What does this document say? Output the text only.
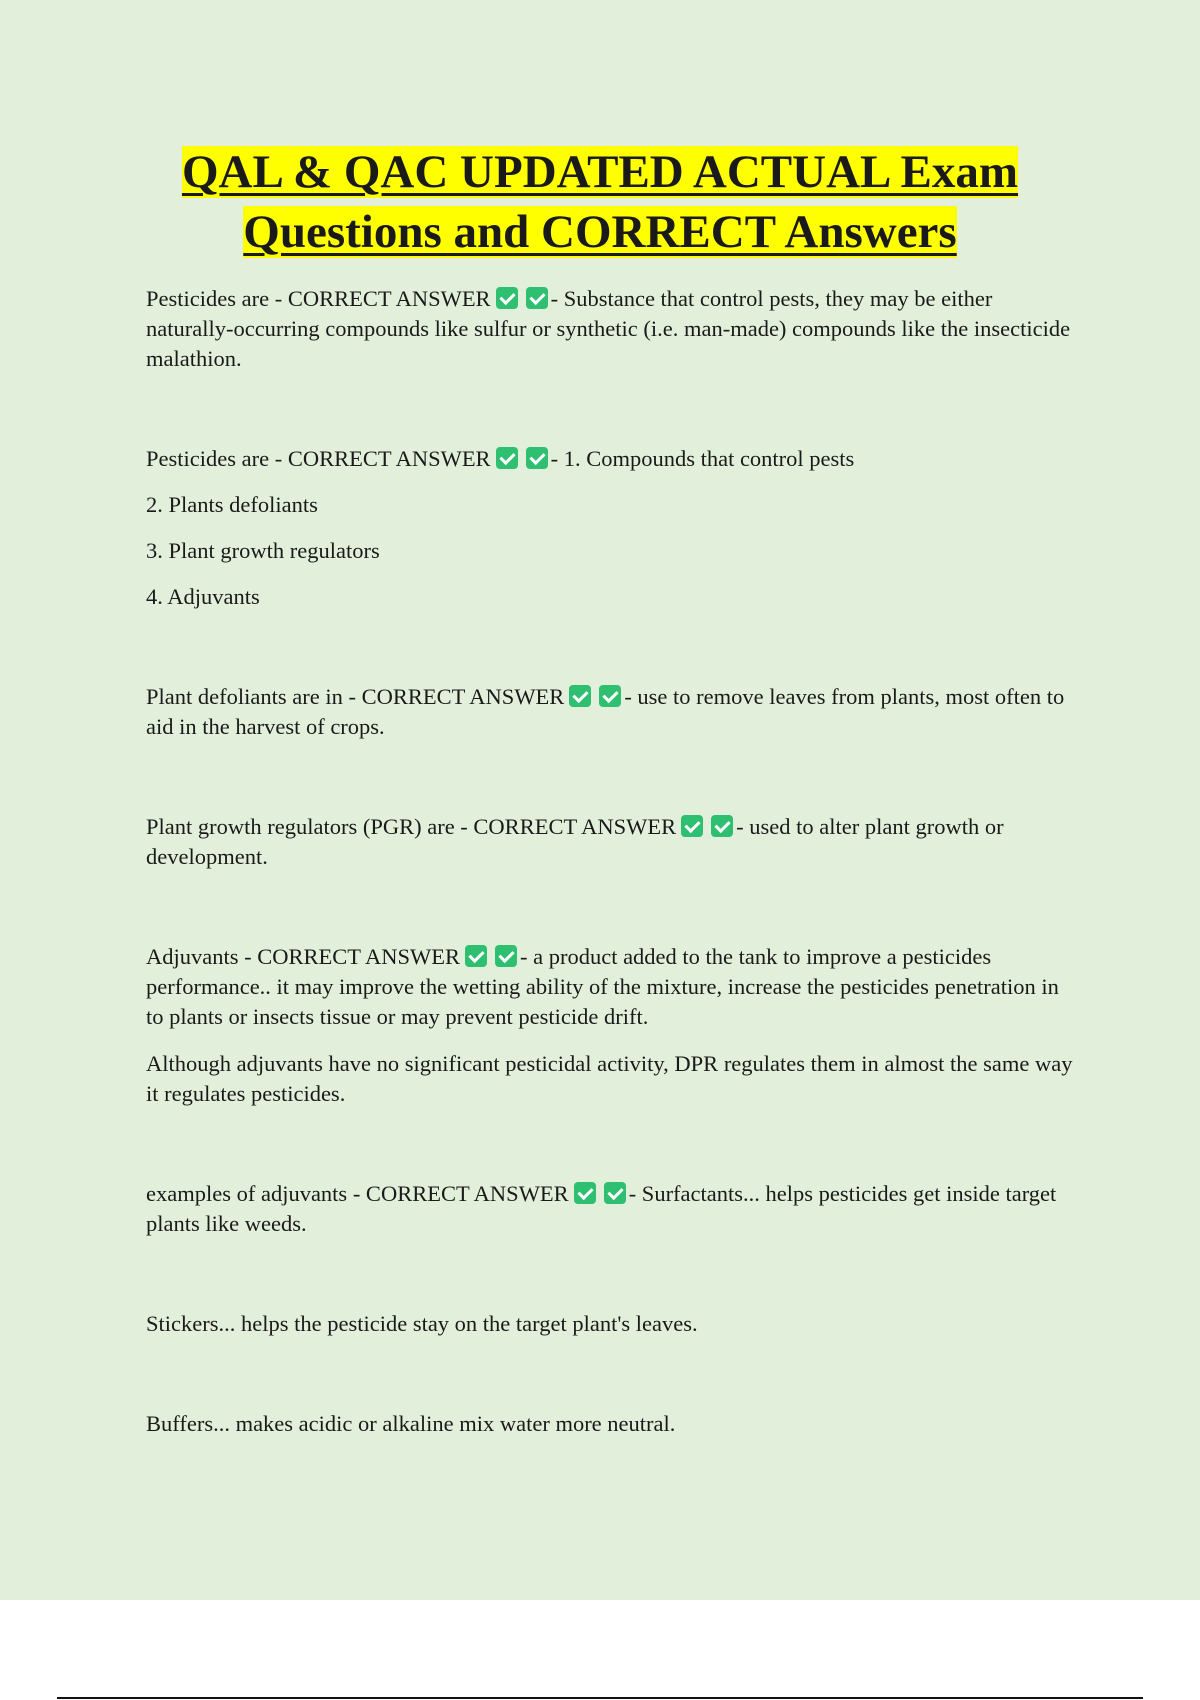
QAL & QAC UPDATED ACTUAL Exam
Questions and CORRECT Answers

Pesticides are - CORRECT ANSWER	- Substance that control pests, they may be either naturally-occurring compounds like sulfur or synthetic (i.e. man-made) compounds like the insecticide malathion.

Pesticides are - CORRECT ANSWER	- 1. Compounds that control pests

2. Plants defoliants

3. Plant growth regulators

4. Adjuvants

Plant defoliants are in - CORRECT ANSWER	- use to remove leaves from plants, most often to aid in the harvest of crops.

Plant growth regulators (PGR) are - CORRECT ANSWER	- used to alter plant growth or development.

Adjuvants - CORRECT ANSWER	- a product added to the tank to improve a pesticides performance.. it may improve the wetting ability of the mixture, increase the pesticides penetration in to plants or insects tissue or may prevent pesticide drift.

Although adjuvants have no significant pesticidal activity, DPR regulates them in almost the same way it regulates pesticides.

examples of adjuvants - CORRECT ANSWER	- Surfactants... helps pesticides get inside target plants like weeds.

Stickers... helps the pesticide stay on the target plant's leaves.

Buffers... makes acidic or alkaline mix water more neutral.
